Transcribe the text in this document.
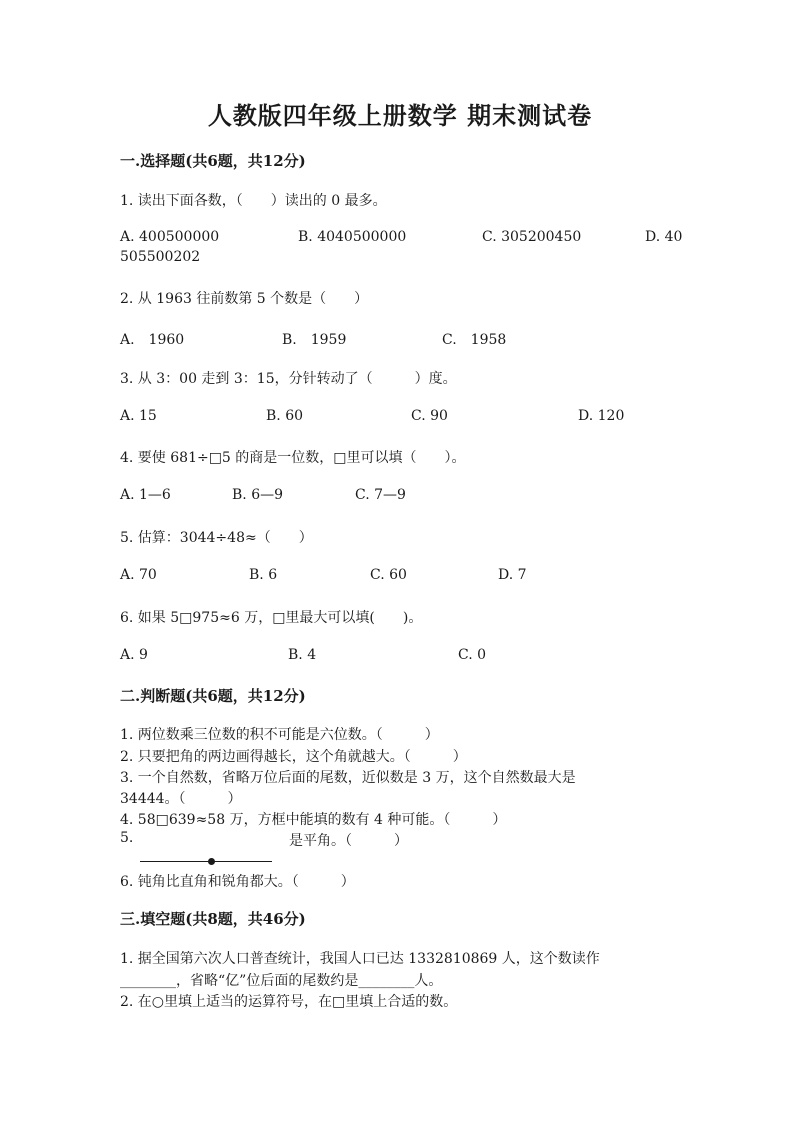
人教版四年级上册数学 期末测试卷
一.选择题(共6题，共12分)
1. 读出下面各数，（　　）读出的 0 最多。
A. 400500000	B. 4040500000	C. 305200450	D. 40
505500202
2. 从 1963 往前数第 5 个数是（　　）
A.　1960	B.　1959	C.　1958
3. 从 3：00 走到 3：15，分针转动了（　　　）度。
A. 15	B. 60	C. 90	D. 120
4. 要使 681÷□5 的商是一位数，□里可以填（　　）。
A. 1—6	B. 6—9	C. 7—9
5. 估算：3044÷48≈（　　）
A. 70	B. 6	C. 60	D. 7
6. 如果 5□975≈6 万，□里最大可以填(　　)。
A. 9	B. 4	C. 0
二.判断题(共6题，共12分)
1. 两位数乘三位数的积不可能是六位数。（　　　）
2. 只要把角的两边画得越长，这个角就越大。（　　　）
3. 一个自然数，省略万位后面的尾数，近似数是 3 万，这个自然数最大是
34444。（　　　）
4. 58□639≈58 万，方框中能填的数有 4 种可能。（　　　）
5.	是平角。（　　　）
6. 钝角比直角和锐角都大。（　　　）
三.填空题(共8题，共46分)
1. 据全国第六次人口普查统计，我国人口已达 1332810869 人，这个数读作
________，省略“亿”位后面的尾数约是________人。
2. 在○里填上适当的运算符号，在□里填上合适的数。
